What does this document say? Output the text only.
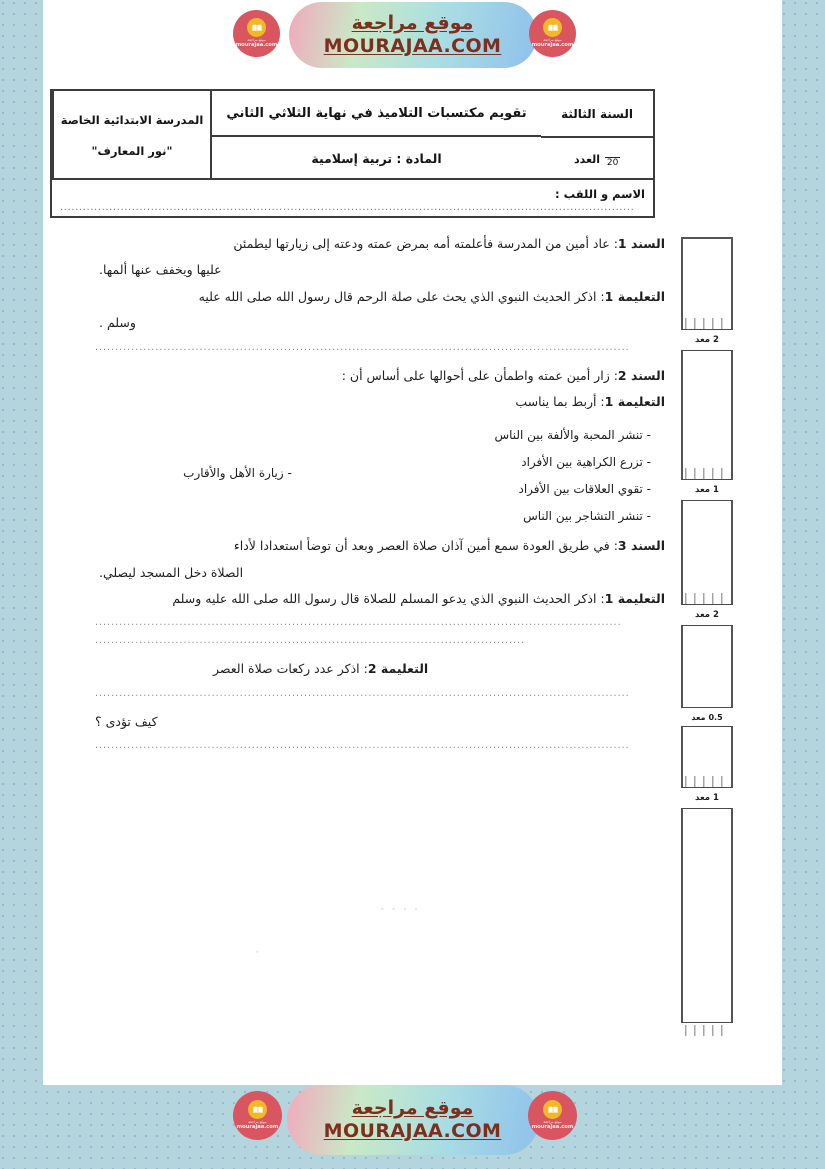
السنة الثالثة
20
العدد
تقويم مكتسبات التلاميذ في نهاية الثلاثي الثاني
المادة : تربية إسلامية
المدرسة الابتدائية الخاصة
"نور المعارف"
الاسم و اللقب :
........................................................................................................................................................

السند 1: عاد أمين من المدرسة فأعلمته أمه بمرض عمته ودعته إلى زيارتها ليطمئن

عليها ويخفف عنها ألمها.

التعليمة 1: اذكر الحديث النبوي الذي يحث على صلة الرحم قال رسول الله صلى الله عليه

وسلم .

.....................................................................................................................................

السند 2: زار أمين عمته واطمأن على أحوالها على أساس أن :

التعليمة 1: أربط بما يناسب

- تنشر المحبة والألفة بين الناس
- تزرع الكراهية بين الأفراد
- تقوي العلاقات بين الأفراد
- تنشر التشاجر بين الناس
- زيارة الأهل والأقارب

السند 3: في طريق العودة سمع أمين آذان صلاة العصر وبعد أن توضأ استعدادا لأداء

الصلاة دخل المسجد ليصلي.

التعليمة 1: اذكر الحديث النبوي الذي يدعو المسلم للصلاة قال رسول الله صلى الله عليه وسلم

...................................................................................................................................
...........................................................................................................

التعليمة 2: اذكر عدد ركعات صلاة العصر

.....................................................................................................................................

كيف تؤدى ؟

.....................................................................................................................................
• • • •
•
2
معد
1
معد
2
معد
0.5
معد
1
معد
موقع مراجعة
mourajaa.com
موقع مراجعة
MOURAJAA.COM	موقع مراجعة
mourajaa.com
موقع مراجعة
mourajaa.com
موقع مراجعة
MOURAJAA.COM	موقع مراجعة
mourajaa.com
